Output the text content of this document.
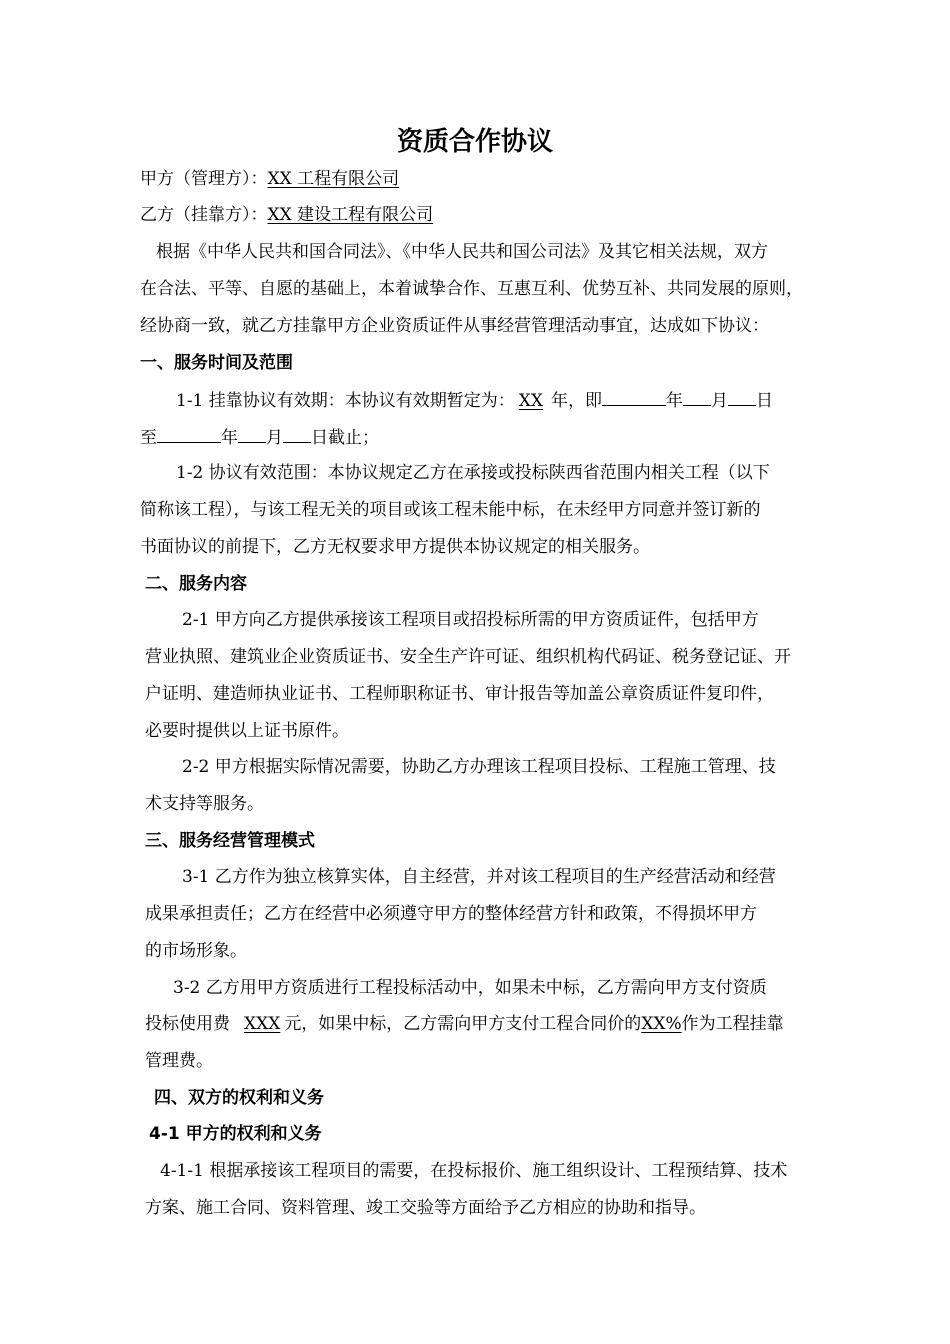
资质合作协议
甲方（管理方）：XX 工程有限公司
乙方（挂靠方）：XX 建设工程有限公司
根据《中华人民共和国合同法》、《中华人民共和国公司法》及其它相关法规，双方
在合法、平等、自愿的基础上，本着诚挚合作、互惠互利、优势互补、共同发展的原则，
经协商一致，就乙方挂靠甲方企业资质证件从事经营管理活动事宜，达成如下协议：
一、服务时间及范围
1-1 挂靠协议有效期：本协议有效期暂定为： XX 年，即	年 月 日
至	年 月 日截止；
1-2 协议有效范围：本协议规定乙方在承接或投标陕西省范围内相关工程（以下
简称该工程），与该工程无关的项目或该工程未能中标，在未经甲方同意并签订新的
书面协议的前提下，乙方无权要求甲方提供本协议规定的相关服务。
二、服务内容
2-1 甲方向乙方提供承接该工程项目或招投标所需的甲方资质证件，包括甲方
营业执照、建筑业企业资质证书、安全生产许可证、组织机构代码证、税务登记证、开
户证明、建造师执业证书、工程师职称证书、审计报告等加盖公章资质证件复印件，
必要时提供以上证书原件。
2-2 甲方根据实际情况需要，协助乙方办理该工程项目投标、工程施工管理、技
术支持等服务。
三、服务经营管理模式
3-1 乙方作为独立核算实体，自主经营，并对该工程项目的生产经营活动和经营
成果承担责任；乙方在经营中必须遵守甲方的整体经营方针和政策，不得损坏甲方
的市场形象。
3-2 乙方用甲方资质进行工程投标活动中，如果未中标，乙方需向甲方支付资质
投标使用费 XXX 元，如果中标，乙方需向甲方支付工程合同价的XX%作为工程挂靠
管理费。
四、双方的权利和义务
4-1 甲方的权利和义务
4-1-1 根据承接该工程项目的需要，在投标报价、施工组织设计、工程预结算、技术
方案、施工合同、资料管理、竣工交验等方面给予乙方相应的协助和指导。
